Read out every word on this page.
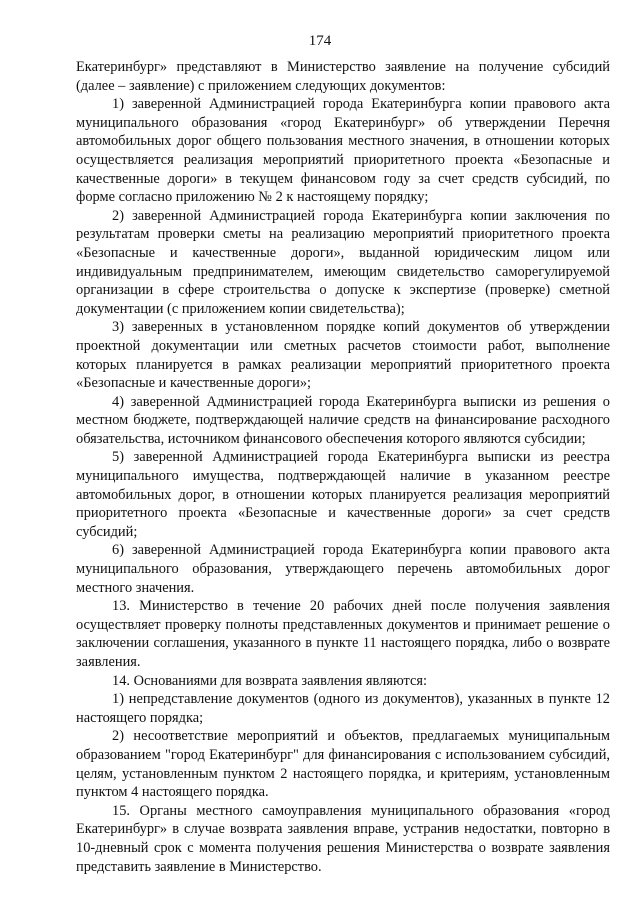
174

Екатеринбург» представляют в Министерство заявление на получение субсидий (далее – заявление) с приложением следующих документов:

1) заверенной Администрацией города Екатеринбурга копии правового акта муниципального образования «город Екатеринбург» об утверждении Перечня автомобильных дорог общего пользования местного значения, в отношении которых осуществляется реализация мероприятий приоритетного проекта «Безопасные и качественные дороги» в текущем финансовом году за счет средств субсидий, по форме согласно приложению № 2 к настоящему порядку;

2) заверенной Администрацией города Екатеринбурга копии заключения по результатам проверки сметы на реализацию мероприятий приоритетного проекта «Безопасные и качественные дороги», выданной юридическим лицом или индивидуальным предпринимателем, имеющим свидетельство саморегулируемой организации в сфере строительства о допуске к экспертизе (проверке) сметной документации (с приложением копии свидетельства);

3) заверенных в установленном порядке копий документов об утверждении проектной документации или сметных расчетов стоимости работ, выполнение которых планируется в рамках реализации мероприятий приоритетного проекта «Безопасные и качественные дороги»;

4) заверенной Администрацией города Екатеринбурга выписки из решения о местном бюджете, подтверждающей наличие средств на финансирование расходного обязательства, источником финансового обеспечения которого являются субсидии;

5) заверенной Администрацией города Екатеринбурга выписки из реестра муниципального имущества, подтверждающей наличие в указанном реестре автомобильных дорог, в отношении которых планируется реализация мероприятий приоритетного проекта «Безопасные и качественные дороги» за счет средств субсидий;

6) заверенной Администрацией города Екатеринбурга копии правового акта муниципального образования, утверждающего перечень автомобильных дорог местного значения.

13. Министерство в течение 20 рабочих дней после получения заявления осуществляет проверку полноты представленных документов и принимает решение о заключении соглашения, указанного в пункте 11 настоящего порядка, либо о возврате заявления.

14. Основаниями для возврата заявления являются:

1) непредставление документов (одного из документов), указанных в пункте 12 настоящего порядка;

2) несоответствие мероприятий и объектов, предлагаемых муниципальным образованием "город Екатеринбург" для финансирования с использованием субсидий, целям, установленным пунктом 2 настоящего порядка, и критериям, установленным пунктом 4 настоящего порядка.

15. Органы местного самоуправления муниципального образования «город Екатеринбург» в случае возврата заявления вправе, устранив недостатки, повторно в 10-дневный срок с момента получения решения Министерства о возврате заявления представить заявление в Министерство.
